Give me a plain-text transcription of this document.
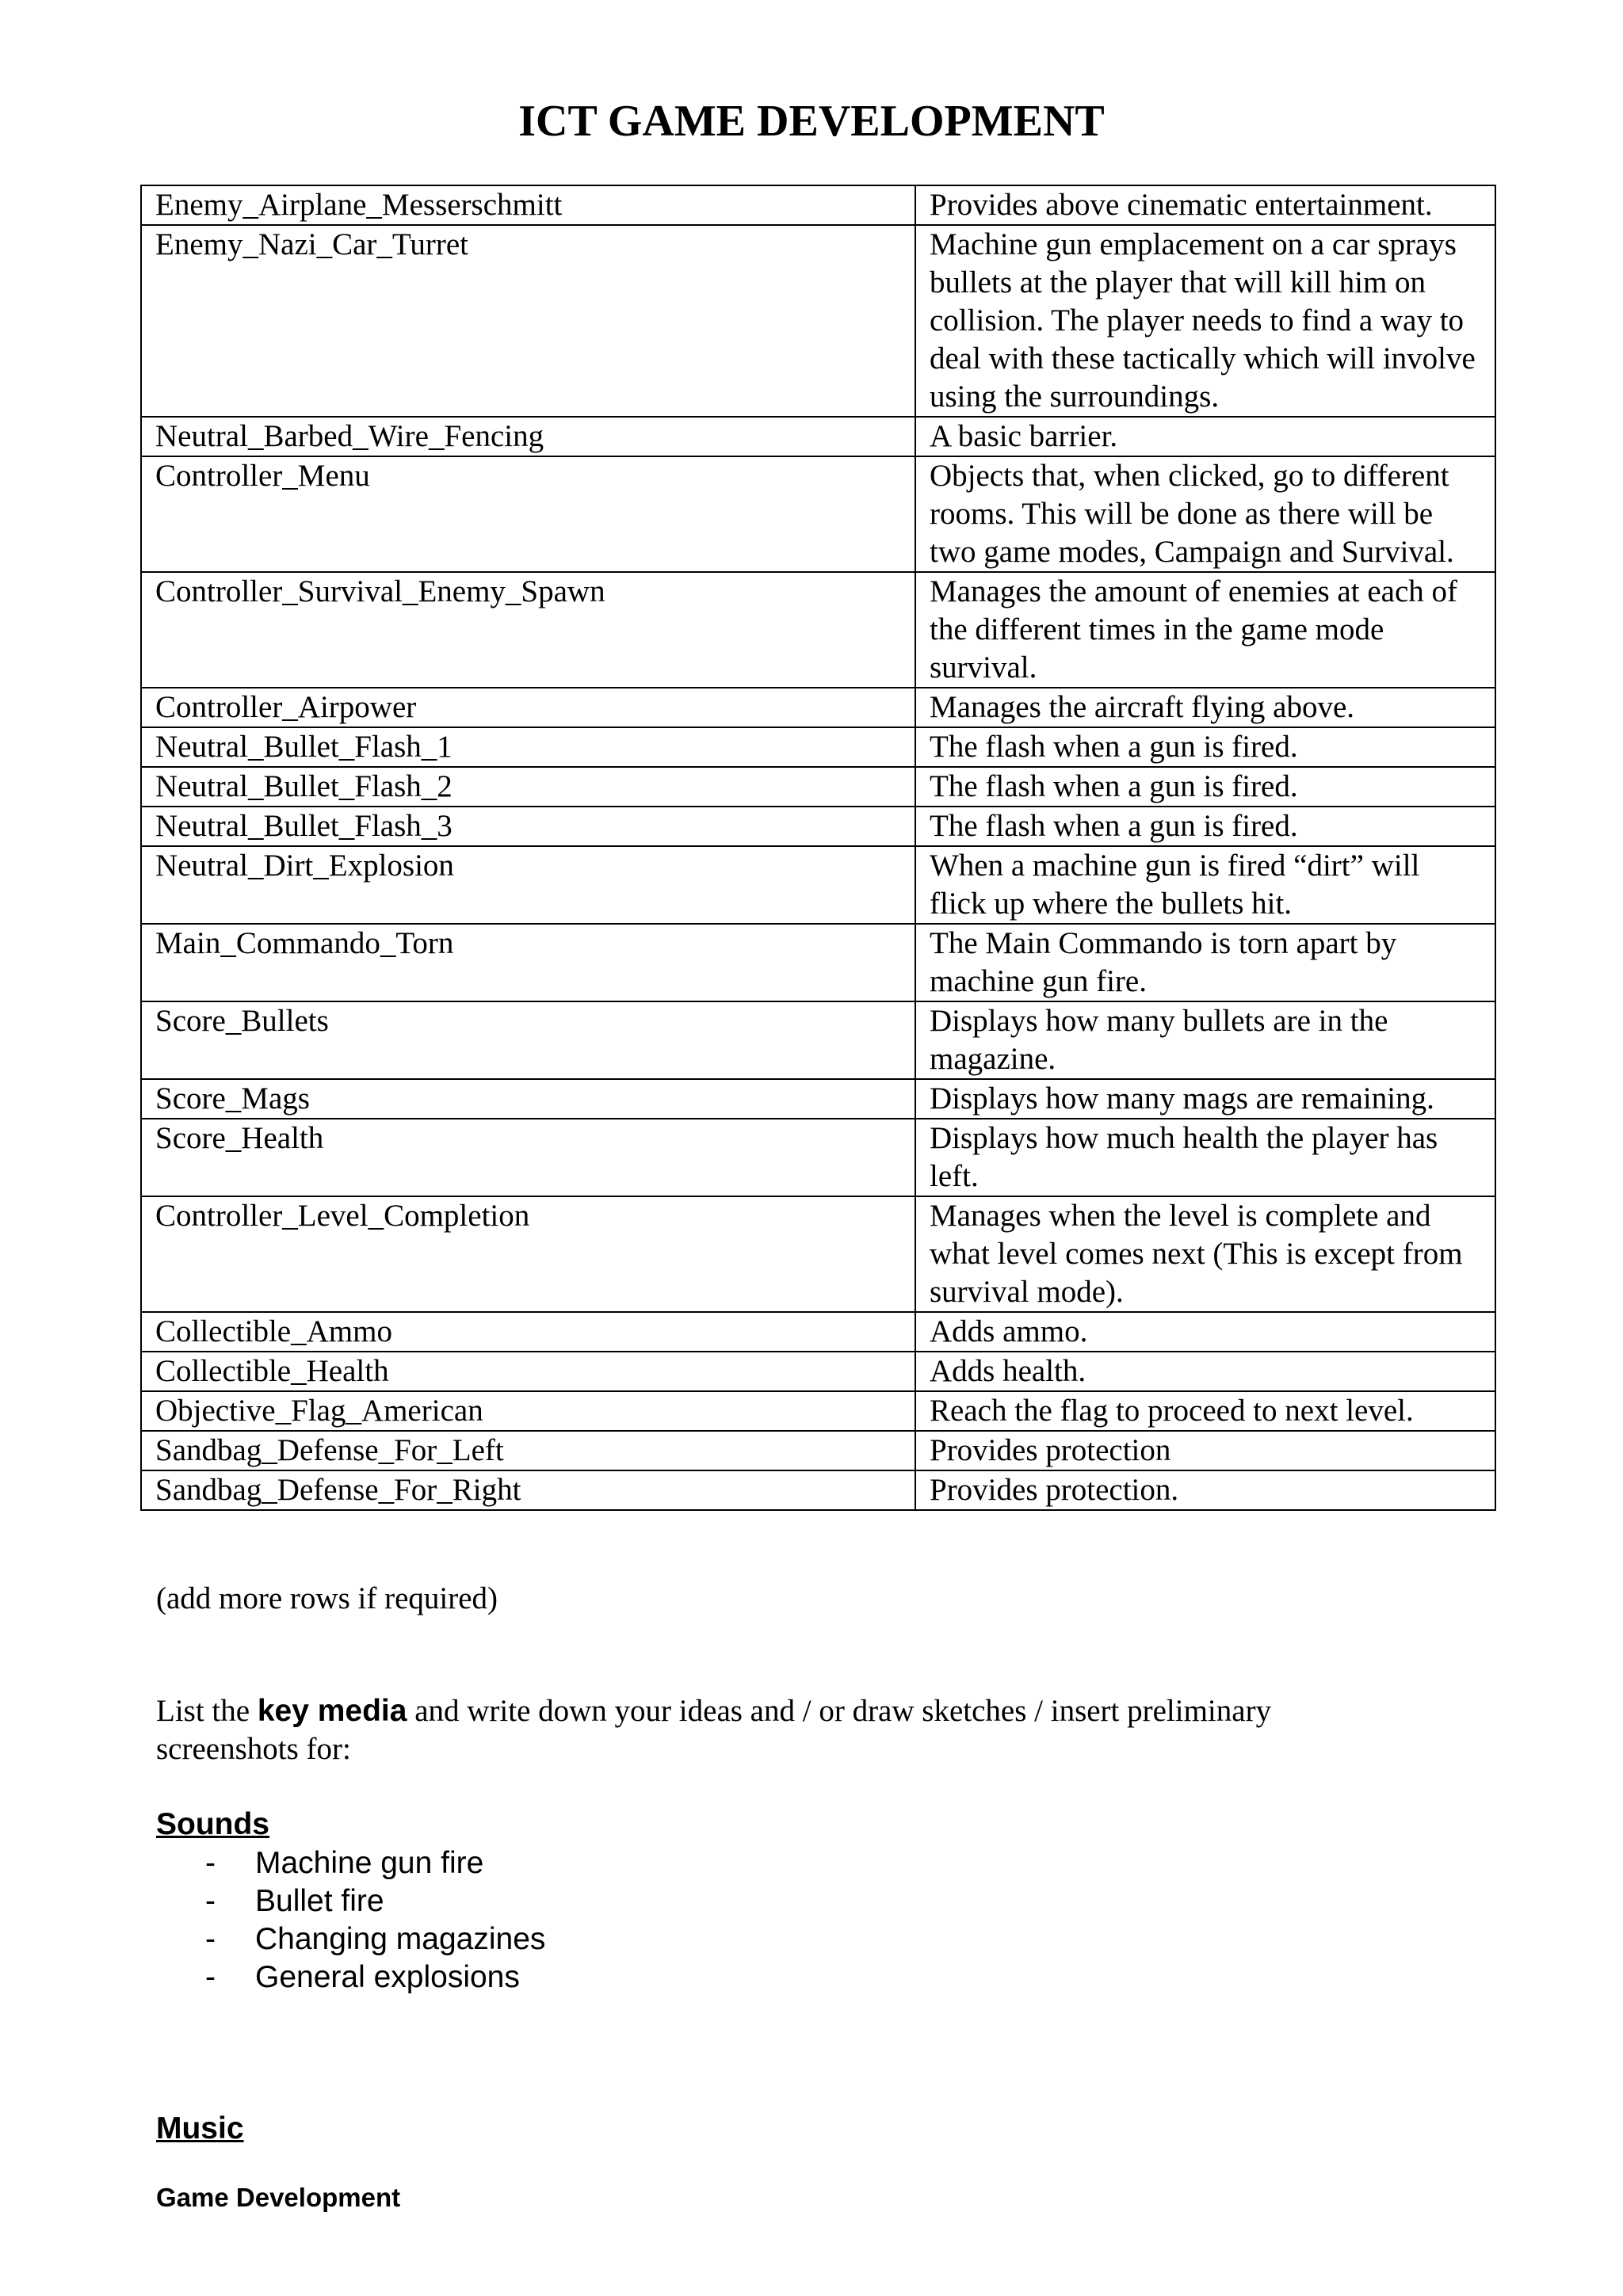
ICT GAME DEVELOPMENT
Enemy_Airplane_Messerschmitt	Provides above cinematic entertainment.
Enemy_Nazi_Car_Turret	Machine gun emplacement on a car sprays bullets at the player that will kill him on collision. The player needs to find a way to deal with these tactically which will involve using the surroundings.
Neutral_Barbed_Wire_Fencing	A basic barrier.
Controller_Menu	Objects that, when clicked, go to different rooms. This will be done as there will be two game modes, Campaign and Survival.
Controller_Survival_Enemy_Spawn	Manages the amount of enemies at each of the different times in the game mode survival.
Controller_Airpower	Manages the aircraft flying above.
Neutral_Bullet_Flash_1	The flash when a gun is fired.
Neutral_Bullet_Flash_2	The flash when a gun is fired.
Neutral_Bullet_Flash_3	The flash when a gun is fired.
Neutral_Dirt_Explosion	When a machine gun is fired “dirt” will flick up where the bullets hit.
Main_Commando_Torn	The Main Commando is torn apart by machine gun fire.
Score_Bullets	Displays how many bullets are in the magazine.
Score_Mags	Displays how many mags are remaining.
Score_Health	Displays how much health the player has left.
Controller_Level_Completion	Manages when the level is complete and what level comes next (This is except from survival mode).
Collectible_Ammo	Adds ammo.
Collectible_Health	Adds health.
Objective_Flag_American	Reach the flag to proceed to next level.
Sandbag_Defense_For_Left	Provides protection
Sandbag_Defense_For_Right	Provides protection.
(add more rows if required)
List the key media and write down your ideas and / or draw sketches / insert preliminary screenshots for:
Sounds
- Machine gun fire
- Bullet fire
- Changing magazines
- General explosions
Music
Game Development
